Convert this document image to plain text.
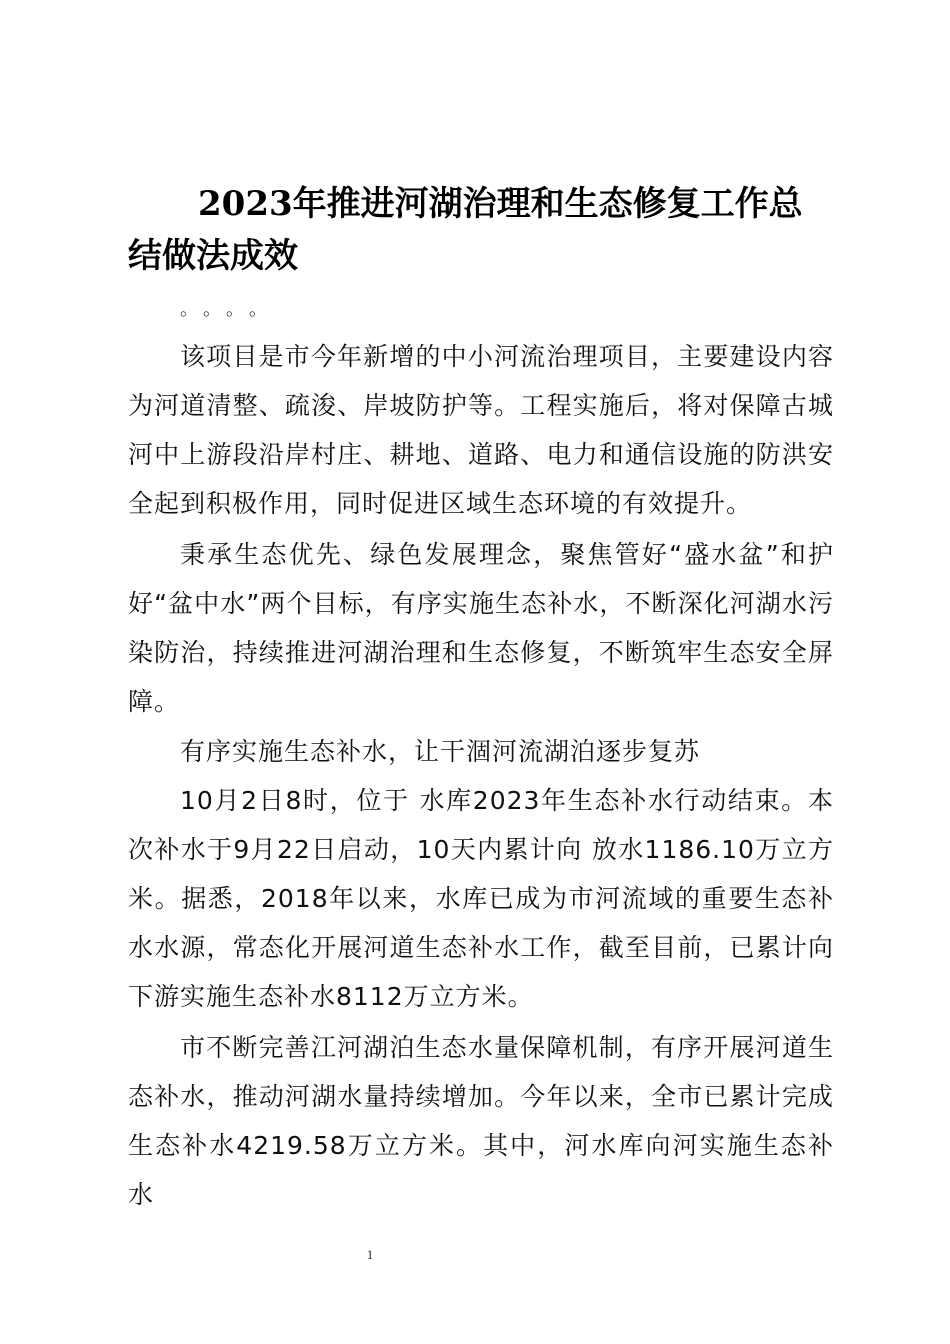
2023年推进河湖治理和生态修复工作总结做法成效

。。。。

该项目是市今年新增的中小河流治理项目，主要建设内容为河道清整、疏浚、岸坡防护等。工程实施后，将对保障古城河中上游段沿岸村庄、耕地、道路、电力和通信设施的防洪安全起到积极作用，同时促进区域生态环境的有效提升。

秉承生态优先、绿色发展理念，聚焦管好“盛水盆”和护好“盆中水”两个目标，有序实施生态补水，不断深化河湖水污染防治，持续推进河湖治理和生态修复，不断筑牢生态安全屏障。

有序实施生态补水，让干涸河流湖泊逐步复苏

10月2日8时，位于 水库2023年生态补水行动结束。本次补水于9月22日启动，10天内累计向 放水1186.10万立方米。据悉，2018年以来，水库已成为市河流域的重要生态补水水源，常态化开展河道生态补水工作，截至目前，已累计向下游实施生态补水8112万立方米。

市不断完善江河湖泊生态水量保障机制，有序开展河道生态补水，推动河湖水量持续增加。今年以来，全市已累计完成生态补水4219.58万立方米。其中，河水库向河实施生态补水

1
